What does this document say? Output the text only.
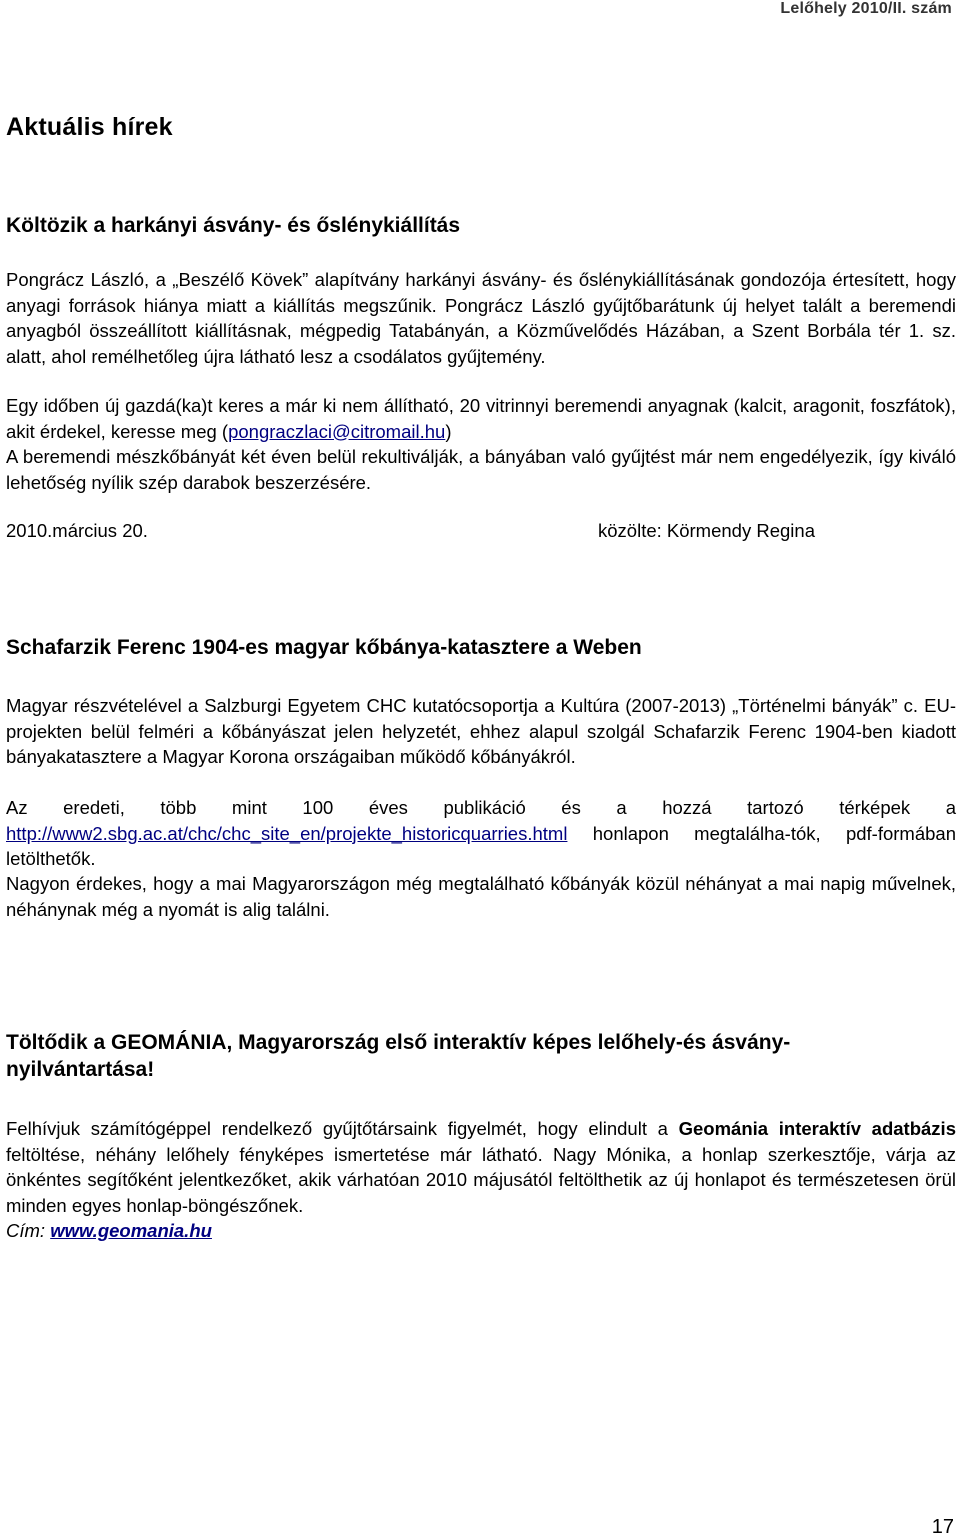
Lelőhely 2010/II. szám
Aktuális hírek
Költözik a harkányi ásvány- és őslénykiállítás

Pongrácz László, a „Beszélő Kövek” alapítvány harkányi ásvány- és őslénykiállításának gondozója értesített, hogy anyagi források hiánya miatt a kiállítás megszűnik. Pongrácz László gyűjtőbarátunk új helyet talált a beremendi anyagból összeállított kiállításnak, mégpedig Tatabányán, a Közművelődés Házában, a Szent Borbála tér 1. sz. alatt, ahol remélhetőleg újra látható lesz a csodálatos gyűjtemény.

Egy időben új gazdá(ka)t keres a már ki nem állítható, 20 vitrinnyi beremendi anyagnak (kalcit, aragonit, foszfátok), akit érdekel, keresse meg (pongraczlaci@citromail.hu)

A beremendi mészkőbányát két éven belül rekultiválják, a bányában való gyűjtést már nem engedélyezik, így kiváló lehetőség nyílik szép darabok beszerzésére.

2010.március 20.	közölte: Körmendy Regina
Schafarzik Ferenc 1904-es magyar kőbánya-katasztere a Weben

Magyar részvételével a Salzburgi Egyetem CHC kutatócsoportja a Kultúra (2007-2013) „Történelmi bányák” c. EU-projekten belül felméri a kőbányászat jelen helyzetét, ehhez alapul szolgál Schafarzik Ferenc 1904-ben kiadott bányakatasztere a Magyar Korona országaiban működő kőbányákról.

Az eredeti, több mint 100 éves publikáció és a hozzá tartozó térképek a http://www2.sbg.ac.at/chc/chc_site_en/projekte_historicquarries.html honlapon megtalálha-tók, pdf-formában letölthetők.

Nagyon érdekes, hogy a mai Magyarországon még megtalálható kőbányák közül néhányat a mai napig művelnek, néhánynak még a nyomát is alig találni.

Töltődik a GEOMÁNIA, Magyarország első interaktív képes lelőhely-és ásvány-nyilvántartása!

Felhívjuk számítógéppel rendelkező gyűjtőtársaink figyelmét, hogy elindult a Geománia interaktív adatbázis feltöltése, néhány lelőhely fényképes ismertetése már látható. Nagy Mónika, a honlap szerkesztője, várja az önkéntes segítőként jelentkezőket, akik várhatóan 2010 májusától feltölthetik az új honlapot és természetesen örül minden egyes honlap-böngészőnek.

Cím: www.geomania.hu

17
